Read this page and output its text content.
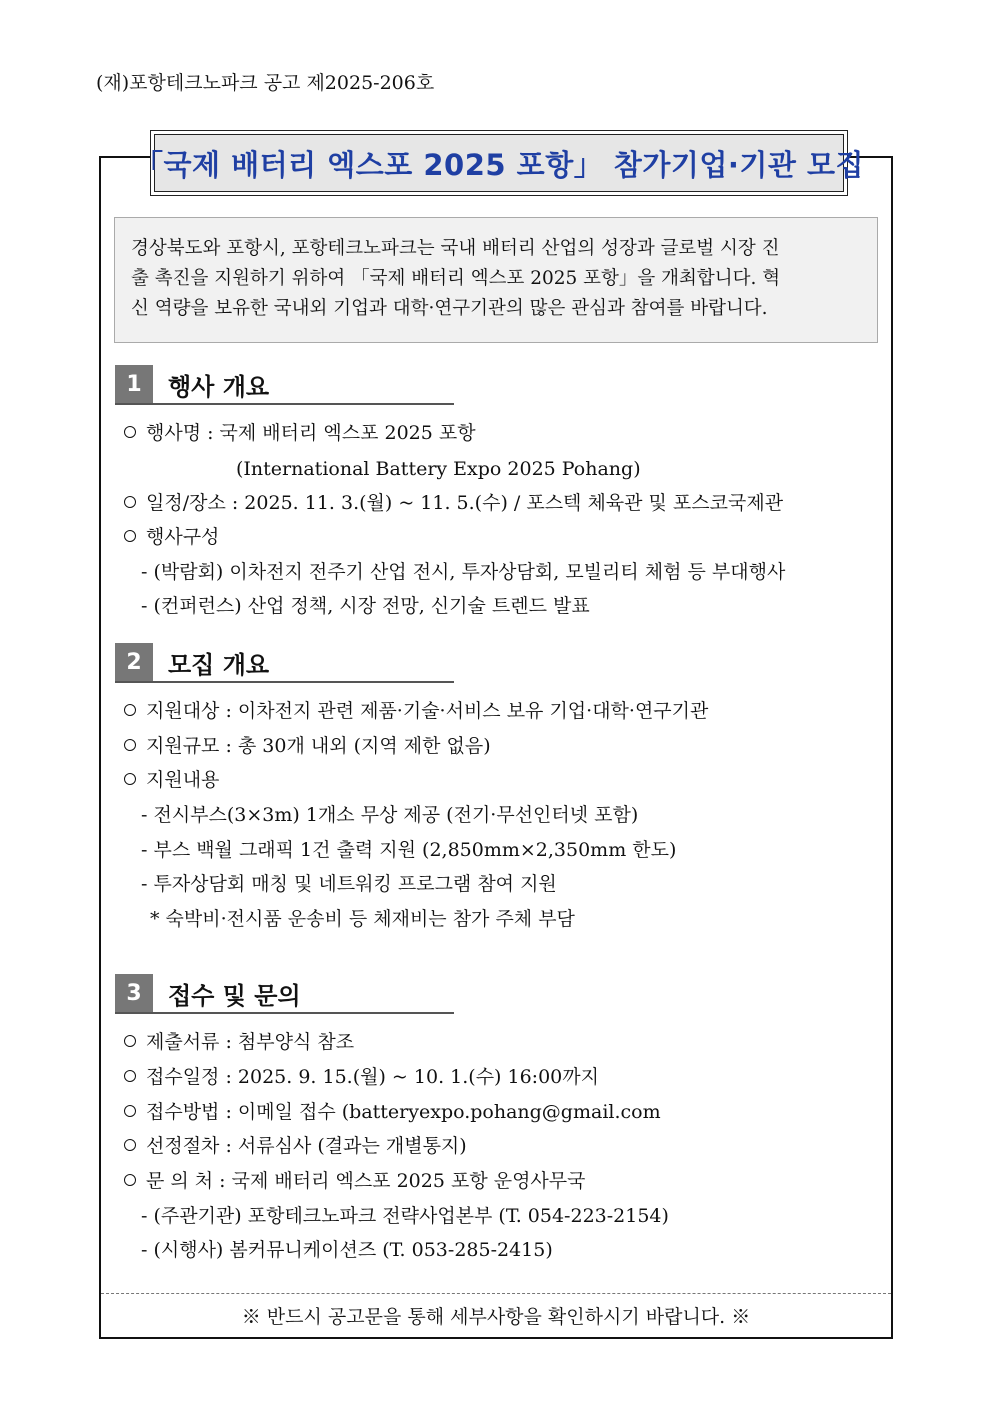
(재)포항테크노파크 공고 제2025-206호
「국제 배터리 엑스포 2025 포항」 참가기업·기관 모집

경상북도와 포항시, 포항테크노파크는 국내 배터리 산업의 성장과 글로벌 시장 진

출 촉진을 지원하기 위하여 「국제 배터리 엑스포 2025 포항」을 개최합니다. 혁

신 역량을 보유한 국내외 기업과 대학·연구기관의 많은 관심과 참여를 바랍니다.

1	행사 개요
행사명 : 국제 배터리 엑스포 2025 포항
(International Battery Expo 2025 Pohang)
일정/장소 : 2025. 11. 3.(월) ~ 11. 5.(수) / 포스텍 체육관 및 포스코국제관
행사구성
- (박람회) 이차전지 전주기 산업 전시, 투자상담회, 모빌리티 체험 등 부대행사
- (컨퍼런스) 산업 정책, 시장 전망, 신기술 트렌드 발표
2	모집 개요
지원대상 : 이차전지 관련 제품·기술·서비스 보유 기업·대학·연구기관
지원규모 : 총 30개 내외 (지역 제한 없음)
지원내용
- 전시부스(3×3m) 1개소 무상 제공 (전기·무선인터넷 포함)
- 부스 백월 그래픽 1건 출력 지원 (2,850mm×2,350mm 한도)
- 투자상담회 매칭 및 네트워킹 프로그램 참여 지원
* 숙박비·전시품 운송비 등 체재비는 참가 주체 부담
3	접수 및 문의
제출서류 : 첨부양식 참조
접수일정 : 2025. 9. 15.(월) ~ 10. 1.(수) 16:00까지
접수방법 : 이메일 접수 (batteryexpo.pohang@gmail.com
선정절차 : 서류심사 (결과는 개별통지)
문 의 처 : 국제 배터리 엑스포 2025 포항 운영사무국
- (주관기관) 포항테크노파크 전략사업본부 (T. 054-223-2154)
- (시행사) 봄커뮤니케이션즈 (T. 053-285-2415)
※ 반드시 공고문을 통해 세부사항을 확인하시기 바랍니다. ※
